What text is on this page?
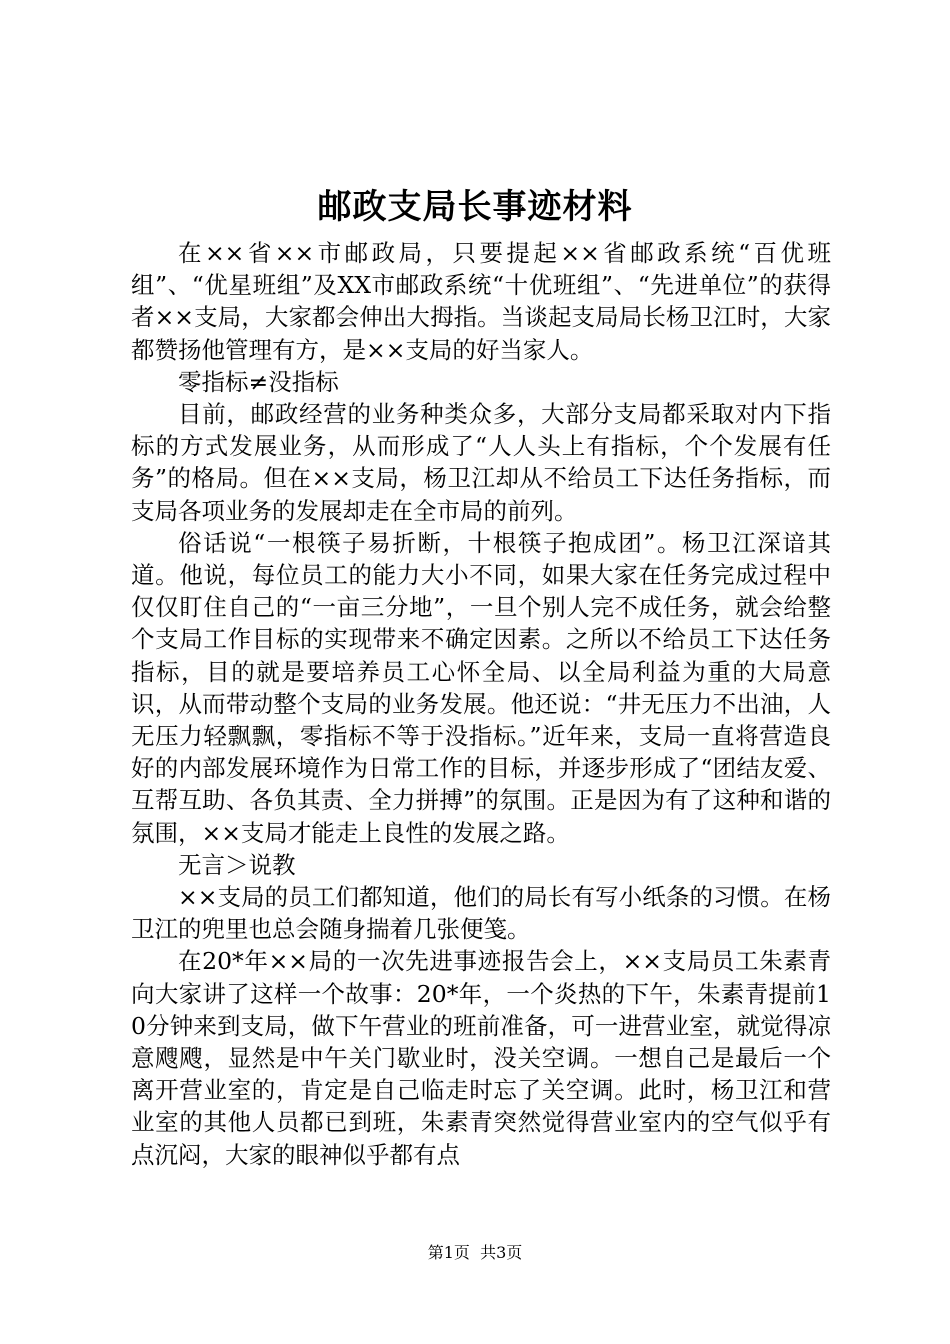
邮政支局长事迹材料

在××省××市邮政局，只要提起××省邮政系统“百优班组”、“优星班组”及XX市邮政系统“十优班组”、“先进单位”的获得者××支局，大家都会伸出大拇指。当谈起支局局长杨卫江时，大家都赞扬他管理有方，是××支局的好当家人。

零指标≠没指标

目前，邮政经营的业务种类众多，大部分支局都采取对内下指标的方式发展业务，从而形成了“人人头上有指标，个个发展有任务”的格局。但在××支局，杨卫江却从不给员工下达任务指标，而支局各项业务的发展却走在全市局的前列。

俗话说“一根筷子易折断，十根筷子抱成团”。杨卫江深谙其道。他说，每位员工的能力大小不同，如果大家在任务完成过程中仅仅盯住自己的“一亩三分地”，一旦个别人完不成任务，就会给整个支局工作目标的实现带来不确定因素。之所以不给员工下达任务指标，目的就是要培养员工心怀全局、以全局利益为重的大局意识，从而带动整个支局的业务发展。他还说：“井无压力不出油，人无压力轻飘飘，零指标不等于没指标。”近年来，支局一直将营造良好的内部发展环境作为日常工作的目标，并逐步形成了“团结友爱、互帮互助、各负其责、全力拼搏”的氛围。正是因为有了这种和谐的氛围，××支局才能走上良性的发展之路。

无言＞说教

××支局的员工们都知道，他们的局长有写小纸条的习惯。在杨卫江的兜里也总会随身揣着几张便笺。

在20*年××局的一次先进事迹报告会上，××支局员工朱素青向大家讲了这样一个故事：20*年，一个炎热的下午，朱素青提前10分钟来到支局，做下午营业的班前准备，可一进营业室，就觉得凉意飕飕，显然是中午关门歇业时，没关空调。一想自己是最后一个离开营业室的，肯定是自己临走时忘了关空调。此时，杨卫江和营业室的其他人员都已到班，朱素青突然觉得营业室内的空气似乎有点沉闷，大家的眼神似乎都有点

第1页 共3页
